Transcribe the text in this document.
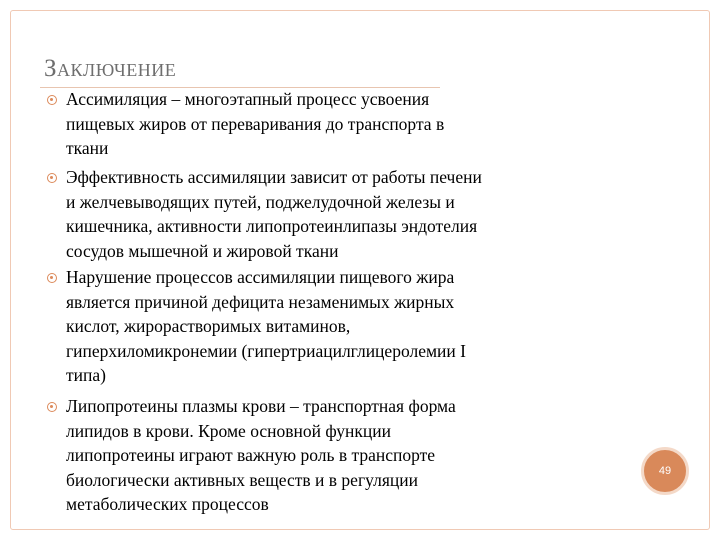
Заключение
Ассимиляция – многоэтапный процесс усвоения
пищевых жиров от переваривания до транспорта в
ткани
Эффективность ассимиляции зависит от работы печени
и желчевыводящих путей, поджелудочной железы и
кишечника, активности липопротеинлипазы эндотелия
сосудов мышечной и жировой ткани
Нарушение процессов ассимиляции пищевого жира
является причиной дефицита незаменимых жирных
кислот, жирорастворимых витаминов,
гиперхиломикронемии (гипертриацилглицеролемии I
типа)
Липопротеины плазмы крови – транспортная форма
липидов в крови. Кроме основной функции
липопротеины играют важную роль в транспорте
биологически активных веществ и в регуляции
метаболических процессов
49
